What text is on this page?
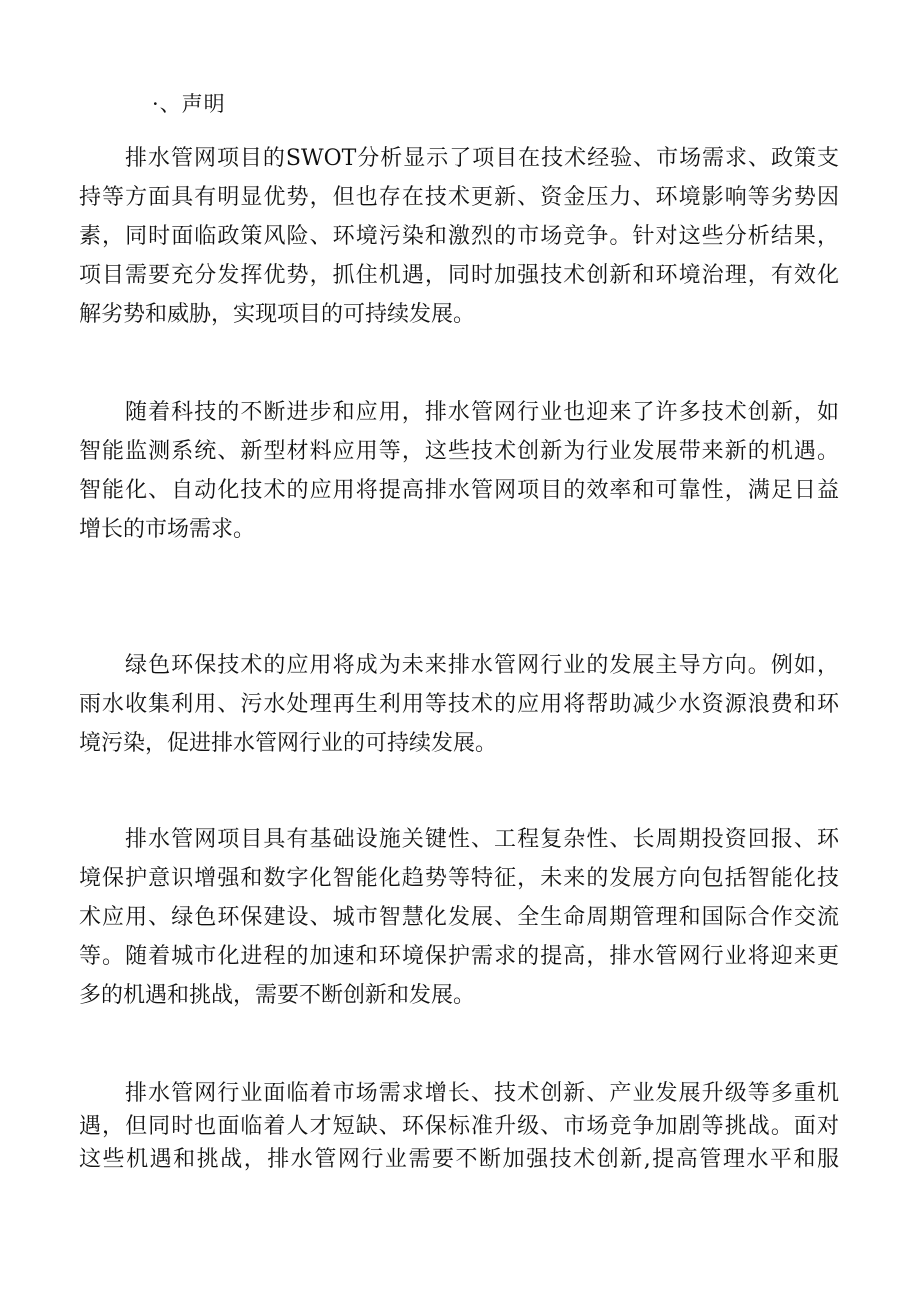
·、声明
排水管网项目的SWOT分析显示了项目在技术经验、市场需求、政策支
持等方面具有明显优势，但也存在技术更新、资金压力、环境影响等劣势因
素，同时面临政策风险、环境污染和激烈的市场竞争。针对这些分析结果，
项目需要充分发挥优势，抓住机遇，同时加强技术创新和环境治理，有效化
解劣势和威胁，实现项目的可持续发展。
随着科技的不断进步和应用，排水管网行业也迎来了许多技术创新，如
智能监测系统、新型材料应用等，这些技术创新为行业发展带来新的机遇。
智能化、自动化技术的应用将提高排水管网项目的效率和可靠性，满足日益
增长的市场需求。
绿色环保技术的应用将成为未来排水管网行业的发展主导方向。例如，
雨水收集利用、污水处理再生利用等技术的应用将帮助减少水资源浪费和环
境污染，促进排水管网行业的可持续发展。
排水管网项目具有基础设施关键性、工程复杂性、长周期投资回报、环
境保护意识增强和数字化智能化趋势等特征，未来的发展方向包括智能化技
术应用、绿色环保建设、城市智慧化发展、全生命周期管理和国际合作交流
等。随着城市化进程的加速和环境保护需求的提高，排水管网行业将迎来更
多的机遇和挑战，需要不断创新和发展。
排水管网行业面临着市场需求增长、技术创新、产业发展升级等多重机
遇，但同时也面临着人才短缺、环保标准升级、市场竞争加剧等挑战。面对
这些机遇和挑战，排水管网行业需要不断加强技术创新,提高管理水平和服
